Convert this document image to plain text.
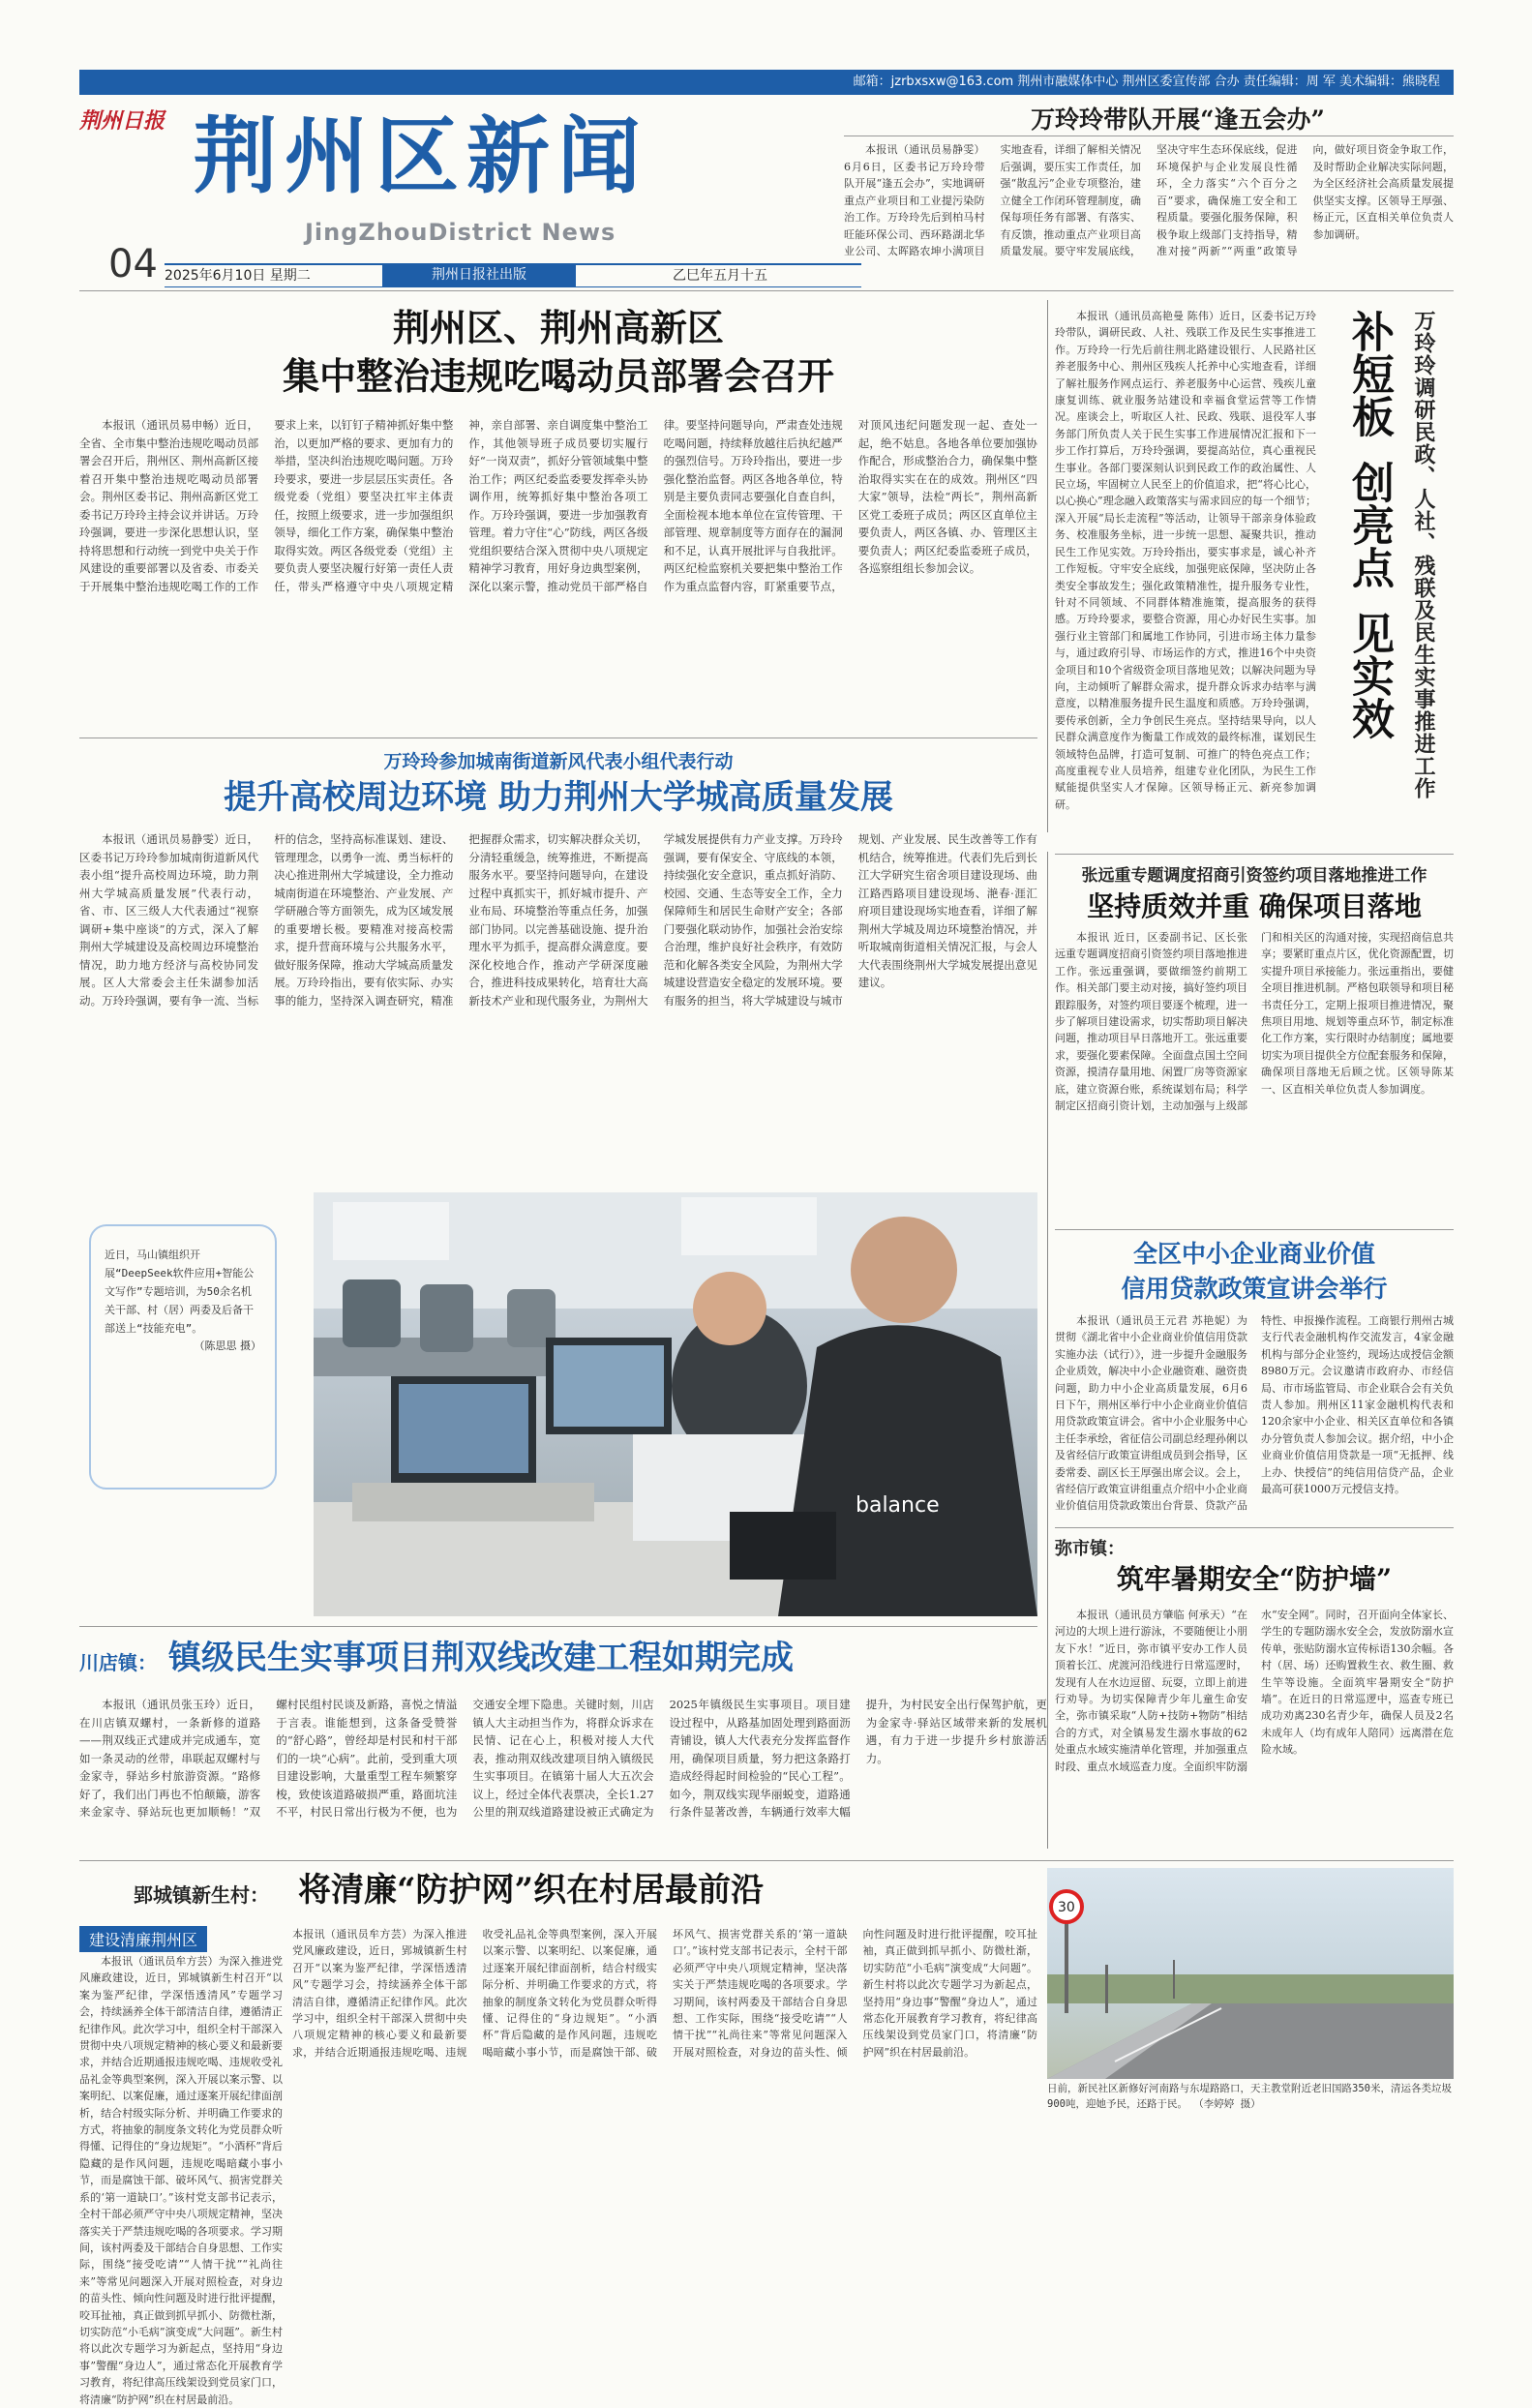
邮箱：jzrbxsxw@163.com 荆州市融媒体中心 荆州区委宣传部 合办 责任编辑：周 军 美术编辑：熊晓程
荆州日报 荆州区新闻
JingZhouDistrict News
04 2025年6月10日 星期二	荆州日报社出版	乙巳年五月十五
万玲玲带队开展“逢五会办”

本报讯（通讯员易静雯）6月6日，区委书记万玲玲带队开展“逢五会办”，实地调研重点产业项目和工业提污染防治工作。万玲玲先后到柏马村旺能环保公司、西环路湖北华业公司、太晖路农坤小满项目实地查看，详细了解相关情况后强调，要压实工作责任，加强“散乱污”企业专项整治，建立健全工作闭环管理制度，确保每项任务有部署、有落实、有反馈，推动重点产业项目高质量发展。要守牢发展底线，坚决守牢生态环保底线，促进环境保护与企业发展良性循环，全力落实“六个百分之百”要求，确保施工安全和工程质量。要强化服务保障，积极争取上级部门支持指导，精准对接“两新”“两重”政策导向，做好项目资金争取工作，及时帮助企业解决实际问题，为全区经济社会高质量发展提供坚实支撑。区领导王厚强、杨正元，区直相关单位负责人参加调研。

荆州区、荆州高新区
集中整治违规吃喝动员部署会召开

本报讯（通讯员易申畅）近日，全省、全市集中整治违规吃喝动员部署会召开后，荆州区、荆州高新区接着召开集中整治违规吃喝动员部署会。荆州区委书记、荆州高新区党工委书记万玲玲主持会议并讲话。万玲玲强调，要进一步深化思想认识，坚持将思想和行动统一到党中央关于作风建设的重要部署以及省委、市委关于开展集中整治违规吃喝工作的工作要求上来，以钉钉子精神抓好集中整治，以更加严格的要求、更加有力的举措，坚决纠治违规吃喝问题。万玲玲要求，要进一步层层压实责任。各级党委（党组）要坚决扛牢主体责任，按照上级要求，进一步加强组织领导，细化工作方案，确保集中整治取得实效。两区各级党委（党组）主要负责人要坚决履行好第一责任人责任，带头严格遵守中央八项规定精神，亲自部署、亲自调度集中整治工作，其他领导班子成员要切实履行好“一岗双责”，抓好分管领域集中整治工作；两区纪委监委要发挥牵头协调作用，统筹抓好集中整治各项工作。万玲玲强调，要进一步加强教育管理。着力守住“心”防线，两区各级党组织要结合深入贯彻中央八项规定精神学习教育，用好身边典型案例，深化以案示警，推动党员干部严格自律。要坚持问题导向，严肃查处违规吃喝问题，持续释放越往后执纪越严的强烈信号。万玲玲指出，要进一步强化整治监督。两区各地各单位，特别是主要负责同志要强化自查自纠，全面检视本地本单位在宣传管理、干部管理、规章制度等方面存在的漏洞和不足，认真开展批评与自我批评。两区纪检监察机关要把集中整治工作作为重点监督内容，盯紧重要节点，对顶风违纪问题发现一起、查处一起，绝不姑息。各地各单位要加强协作配合，形成整治合力，确保集中整治取得实实在在的成效。荆州区“四大家”领导，法检“两长”，荆州高新区党工委班子成员；两区区直单位主要负责人，两区各镇、办、管理区主要负责人；两区纪委监委班子成员，各巡察组组长参加会议。	万玲玲调研民政、人社、残联及民生实事推进工作
补短板创亮点见实效

本报讯（通讯员高艳曼 陈伟）近日，区委书记万玲玲带队，调研民政、人社、残联工作及民生实事推进工作。万玲玲一行先后前往荆北路建设银行、人民路社区养老服务中心、荆州区残疾人托养中心实地查看，详细了解社服务作网点运行、养老服务中心运营、残疾儿童康复训练、就业服务站建设和幸福食堂运营等工作情况。座谈会上，听取区人社、民政、残联、退役军人事务部门所负责人关于民生实事工作进展情况汇报和下一步工作打算后，万玲玲强调，要提高站位，真心重视民生事业。各部门要深刻认识到民政工作的政治属性、人民立场，牢固树立人民至上的价值追求，把“将心比心，以心换心”理念融入政策落实与需求回应的每一个细节；深入开展“局长走流程”等活动，让领导干部亲身体验政务、校准服务坐标，进一步统一思想、凝聚共识，推动民生工作见实效。万玲玲指出，要实事求是，诚心补齐工作短板。守牢安全底线，加强兜底保障，坚决防止各类安全事故发生；强化政策精准性，提升服务专业性，针对不同领域、不同群体精准施策，提高服务的获得感。万玲玲要求，要整合资源，用心办好民生实事。加强行业主管部门和属地工作协同，引进市场主体力量参与，通过政府引导、市场运作的方式，推进16个中央资金项目和10个省级资金项目落地见效；以解决问题为导向，主动倾听了解群众需求，提升群众诉求办结率与满意度，以精准服务提升民生温度和质感。万玲玲强调，要传承创新，全力争创民生亮点。坚持结果导向，以人民群众满意度作为衡量工作成效的最终标准，谋划民生领域特色品牌，打造可复制、可推广的特色亮点工作；高度重视专业人员培养，组建专业化团队，为民生工作赋能提供坚实人才保障。区领导杨正元、新亮参加调研。

万玲玲参加城南街道新风代表小组代表行动
提升高校周边环境 助力荆州大学城高质量发展

本报讯（通讯员易静雯）近日，区委书记万玲玲参加城南街道新风代表小组“提升高校周边环境，助力荆州大学城高质量发展”代表行动，省、市、区三级人大代表通过“视察调研+集中座谈”的方式，深入了解荆州大学城建设及高校周边环境整治情况，助力地方经济与高校协同发展。区人大常委会主任朱湖参加活动。万玲玲强调，要有争一流、当标杆的信念，坚持高标准谋划、建设、管理理念，以勇争一流、勇当标杆的决心推进荆州大学城建设，全力推动城南街道在环境整治、产业发展、产学研融合等方面领先，成为区域发展的重要增长极。要精准对接高校需求，提升营商环境与公共服务水平，做好服务保障，推动大学城高质量发展。万玲玲指出，要有依实际、办实事的能力，坚持深入调查研究，精准把握群众需求，切实解决群众关切，分清轻重缓急，统筹推进，不断提高服务水平。要坚持问题导向，在建设过程中真抓实干，抓好城市提升、产业布局、环境整治等重点任务，加强部门协同。以完善基础设施、提升治理水平为抓手，提高群众满意度。要深化校地合作，推动产学研深度融合，推进科技成果转化，培育壮大高新技术产业和现代服务业，为荆州大学城发展提供有力产业支撑。万玲玲强调，要有保安全、守底线的本领，持续强化安全意识，重点抓好消防、校园、交通、生态等安全工作，全力保障师生和居民生命财产安全；各部门要强化联动协作，加强社会治安综合治理，维护良好社会秩序，有效防范和化解各类安全风险，为荆州大学城建设营造安全稳定的发展环境。要有服务的担当，将大学城建设与城市规划、产业发展、民生改善等工作有机结合，统筹推进。代表们先后到长江大学研究生宿舍项目建设现场、曲江路西路项目建设现场、滟春·涯汇府项目建设现场实地查看，详细了解荆州大学城及周边环境整治情况，并听取城南街道相关情况汇报，与会人大代表围绕荆州大学城发展提出意见建议。

近日，马山镇组织开展“DeepSeek软件应用+智能公文写作”专题培训，为50余名机关干部、村（居）两委及后备干部送上“技能充电”。

（陈思思 摄）

balance
张远重专题调度招商引资签约项目落地推进工作
坚持质效并重 确保项目落地

本报讯 近日，区委副书记、区长张远重专题调度招商引资签约项目落地推进工作。张远重强调，要做细签约前期工作。相关部门要主动对接，搞好签约项目跟踪服务，对签约项目要逐个梳理，进一步了解项目建设需求，切实帮助项目解决问题，推动项目早日落地开工。张远重要求，要强化要素保障。全面盘点国土空间资源，摸清存量用地、闲置厂房等资源家底，建立资源台账，系统谋划布局；科学制定区招商引资计划，主动加强与上级部门和相关区的沟通对接，实现招商信息共享；要紧盯重点片区，优化资源配置，切实提升项目承接能力。张远重指出，要健全项目推进机制。严格包联领导和项目秘书责任分工，定期上报项目推进情况，聚焦项目用地、规划等重点环节，制定标准化工作方案，实行限时办结制度；属地要切实为项目提供全方位配套服务和保障，确保项目落地无后顾之忧。区领导陈某一、区直相关单位负责人参加调度。

全区中小企业商业价值
信用贷款政策宣讲会举行

本报讯（通讯员王元君 苏艳妮）为贯彻《湖北省中小企业商业价值信用贷款实施办法（试行）》，进一步提升金融服务企业质效，解决中小企业融资难、融资贵问题，助力中小企业高质量发展，6月6日下午，荆州区举行中小企业商业价值信用贷款政策宣讲会。省中小企业服务中心主任李承绘，省征信公司副总经理孙俐以及省经信厅政策宣讲组成员到会指导，区委常委、副区长王厚强出席会议。会上，省经信厅政策宣讲组重点介绍中小企业商业价值信用贷款政策出台背景、贷款产品特性、申报操作流程。工商银行荆州古城支行代表金融机构作交流发言，4家金融机构与部分企业签约，现场达成授信金额8980万元。会议邀请市政府办、市经信局、市市场监管局、市企业联合会有关负责人参加。荆州区11家金融机构代表和120余家中小企业、相关区直单位和各镇办分管负责人参加会议。据介绍，中小企业商业价值信用贷款是一项“无抵押、线上办、快授信”的纯信用信贷产品，企业最高可获1000万元授信支持。

弥市镇：
筑牢暑期安全“防护墙”

本报讯（通讯员方肇临 何承天）“在河边的大坝上进行游泳，不要随便让小朋友下水！”近日，弥市镇平安办工作人员顶着长江、虎渡河沿线进行日常巡逻时，发现有人在水边逗留、玩耍，立即上前进行劝导。为切实保障青少年儿童生命安全，弥市镇采取“人防+技防+物防”相结合的方式，对全镇易发生溺水事故的62处重点水域实施清单化管理，并加强重点时段、重点水域巡查力度。全面织牢防溺水“安全网”。同时，召开面向全体家长、学生的专题防溺水安全会，发放防溺水宣传单，张贴防溺水宣传标语130余幅。各村（居、场）还购置救生衣、救生圈、救生竿等设施。全面筑牢暑期安全“防护墙”。在近日的日常巡逻中，巡查专班已成功劝离230名青少年，确保人员及2名未成年人（均有成年人陪同）远离潜在危险水域。

川店镇： 镇级民生实事项目荆双线改建工程如期完成

本报讯（通讯员张玉玲）近日，在川店镇双螺村，一条新修的道路——荆双线正式建成并完成通车，宽如一条灵动的丝带，串联起双螺村与金家寺，驿站乡村旅游资源。“路修好了，我们出门再也不怕颠簸，游客来金家寺、驿站玩也更加顺畅！”双螺村民组村民谈及新路，喜悦之情溢于言表。谁能想到，这条备受赞誉的“舒心路”，曾经却是村民和村干部们的一块“心病”。此前，受到重大项目建设影响，大量重型工程车频繁穿梭，致使该道路破损严重，路面坑洼不平，村民日常出行极为不便，也为交通安全埋下隐患。关键时刻，川店镇人大主动担当作为，将群众诉求在民情、记在心上，积极对接人大代表，推动荆双线改建项目纳入镇级民生实事项目。在镇第十届人大五次会议上，经过全体代表票决，全长1.27公里的荆双线道路建设被正式确定为2025年镇级民生实事项目。项目建设过程中，从路基加固处理到路面沥青铺设，镇人大代表充分发挥监督作用，确保项目质量，努力把这条路打造成经得起时间检验的“民心工程”。如今，荆双线实现华丽蜕变，道路通行条件显著改善，车辆通行效率大幅提升，为村民安全出行保驾护航，更为金家寺·驿站区域带来新的发展机遇，有力于进一步提升乡村旅游活力。

郢城镇新生村： 将清廉“防护网”织在村居最前沿
建设清廉荆州区

本报讯（通讯员牟方芸）为深入推进党风廉政建设，近日，郢城镇新生村召开“以案为鉴严纪律，学深悟透清风”专题学习会，持续涵养全体干部清洁自律，遵循清正纪律作风。此次学习中，组织全村干部深入贯彻中央八项规定精神的核心要义和最新要求，并结合近期通报违规吃喝、违规收受礼品礼金等典型案例，深入开展以案示警、以案明纪、以案促廉，通过逐案开展纪律面剖析，结合村级实际分析、并明确工作要求的方式，将抽象的制度条文转化为党员群众听得懂、记得住的“身边规矩”。“小酒杯”背后隐藏的是作风问题，违规吃喝暗藏小事小节，而是腐蚀干部、破坏风气、损害党群关系的‘第一道缺口’。”该村党支部书记表示，全村干部必须严守中央八项规定精神，坚决落实关于严禁违规吃喝的各项要求。学习期间，该村两委及干部结合自身思想、工作实际，围绕“接受吃请”“人情干扰”“礼尚往来”等常见问题深入开展对照检查，对身边的苗头性、倾向性问题及时进行批评提醒，咬耳扯袖，真正做到抓早抓小、防微杜渐，切实防范“小毛病”演变成“大问题”。新生村将以此次专题学习为新起点，坚持用“身边事”警醒“身边人”，通过常态化开展教育学习教育，将纪律高压线架设到党员家门口，将清廉“防护网”织在村居最前沿。

30

日前，新民社区新修好河南路与东堤路路口，天主教堂附近老旧国路350米，清运各类垃圾900吨，迎她予民，还路于民。 （李婷婷 摄）

本报讯（通讯员牟方芸）为深入推进党风廉政建设，近日，郢城镇新生村召开“以案为鉴严纪律，学深悟透清风”专题学习会，持续涵养全体干部清洁自律，遵循清正纪律作风。此次学习中，组织全村干部深入贯彻中央八项规定精神的核心要义和最新要求，并结合近期通报违规吃喝、违规收受礼品礼金等典型案例，深入开展以案示警、以案明纪、以案促廉，通过逐案开展纪律面剖析，结合村级实际分析、并明确工作要求的方式，将抽象的制度条文转化为党员群众听得懂、记得住的“身边规矩”。“小酒杯”背后隐藏的是作风问题，违规吃喝暗藏小事小节，而是腐蚀干部、破坏风气、损害党群关系的‘第一道缺口’。”该村党支部书记表示，全村干部必须严守中央八项规定精神，坚决落实关于严禁违规吃喝的各项要求。学习期间，该村两委及干部结合自身思想、工作实际，围绕“接受吃请”“人情干扰”“礼尚往来”等常见问题深入开展对照检查，对身边的苗头性、倾向性问题及时进行批评提醒，咬耳扯袖，真正做到抓早抓小、防微杜渐，切实防范“小毛病”演变成“大问题”。新生村将以此次专题学习为新起点，坚持用“身边事”警醒“身边人”，通过常态化开展教育学习教育，将纪律高压线架设到党员家门口，将清廉“防护网”织在村居最前沿。
